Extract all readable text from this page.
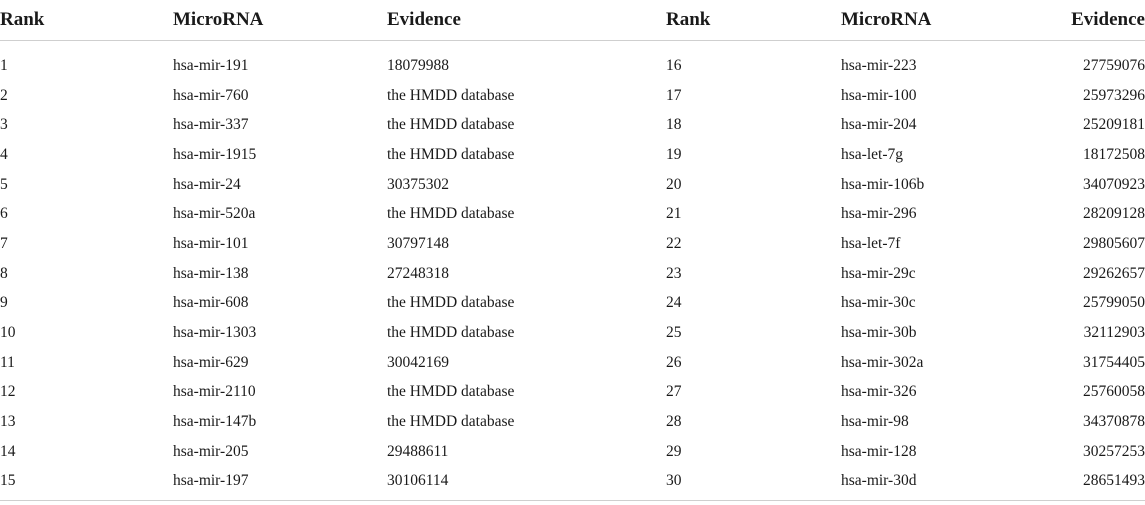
Rank	MicroRNA	Evidence	Rank	MicroRNA	Evidence
1	hsa-mir-191	18079988	16	hsa-mir-223	27759076
2	hsa-mir-760	the HMDD database	17	hsa-mir-100	25973296
3	hsa-mir-337	the HMDD database	18	hsa-mir-204	25209181
4	hsa-mir-1915	the HMDD database	19	hsa-let-7g	18172508
5	hsa-mir-24	30375302	20	hsa-mir-106b	34070923
6	hsa-mir-520a	the HMDD database	21	hsa-mir-296	28209128
7	hsa-mir-101	30797148	22	hsa-let-7f	29805607
8	hsa-mir-138	27248318	23	hsa-mir-29c	29262657
9	hsa-mir-608	the HMDD database	24	hsa-mir-30c	25799050
10	hsa-mir-1303	the HMDD database	25	hsa-mir-30b	32112903
11	hsa-mir-629	30042169	26	hsa-mir-302a	31754405
12	hsa-mir-2110	the HMDD database	27	hsa-mir-326	25760058
13	hsa-mir-147b	the HMDD database	28	hsa-mir-98	34370878
14	hsa-mir-205	29488611	29	hsa-mir-128	30257253
15	hsa-mir-197	30106114	30	hsa-mir-30d	28651493
